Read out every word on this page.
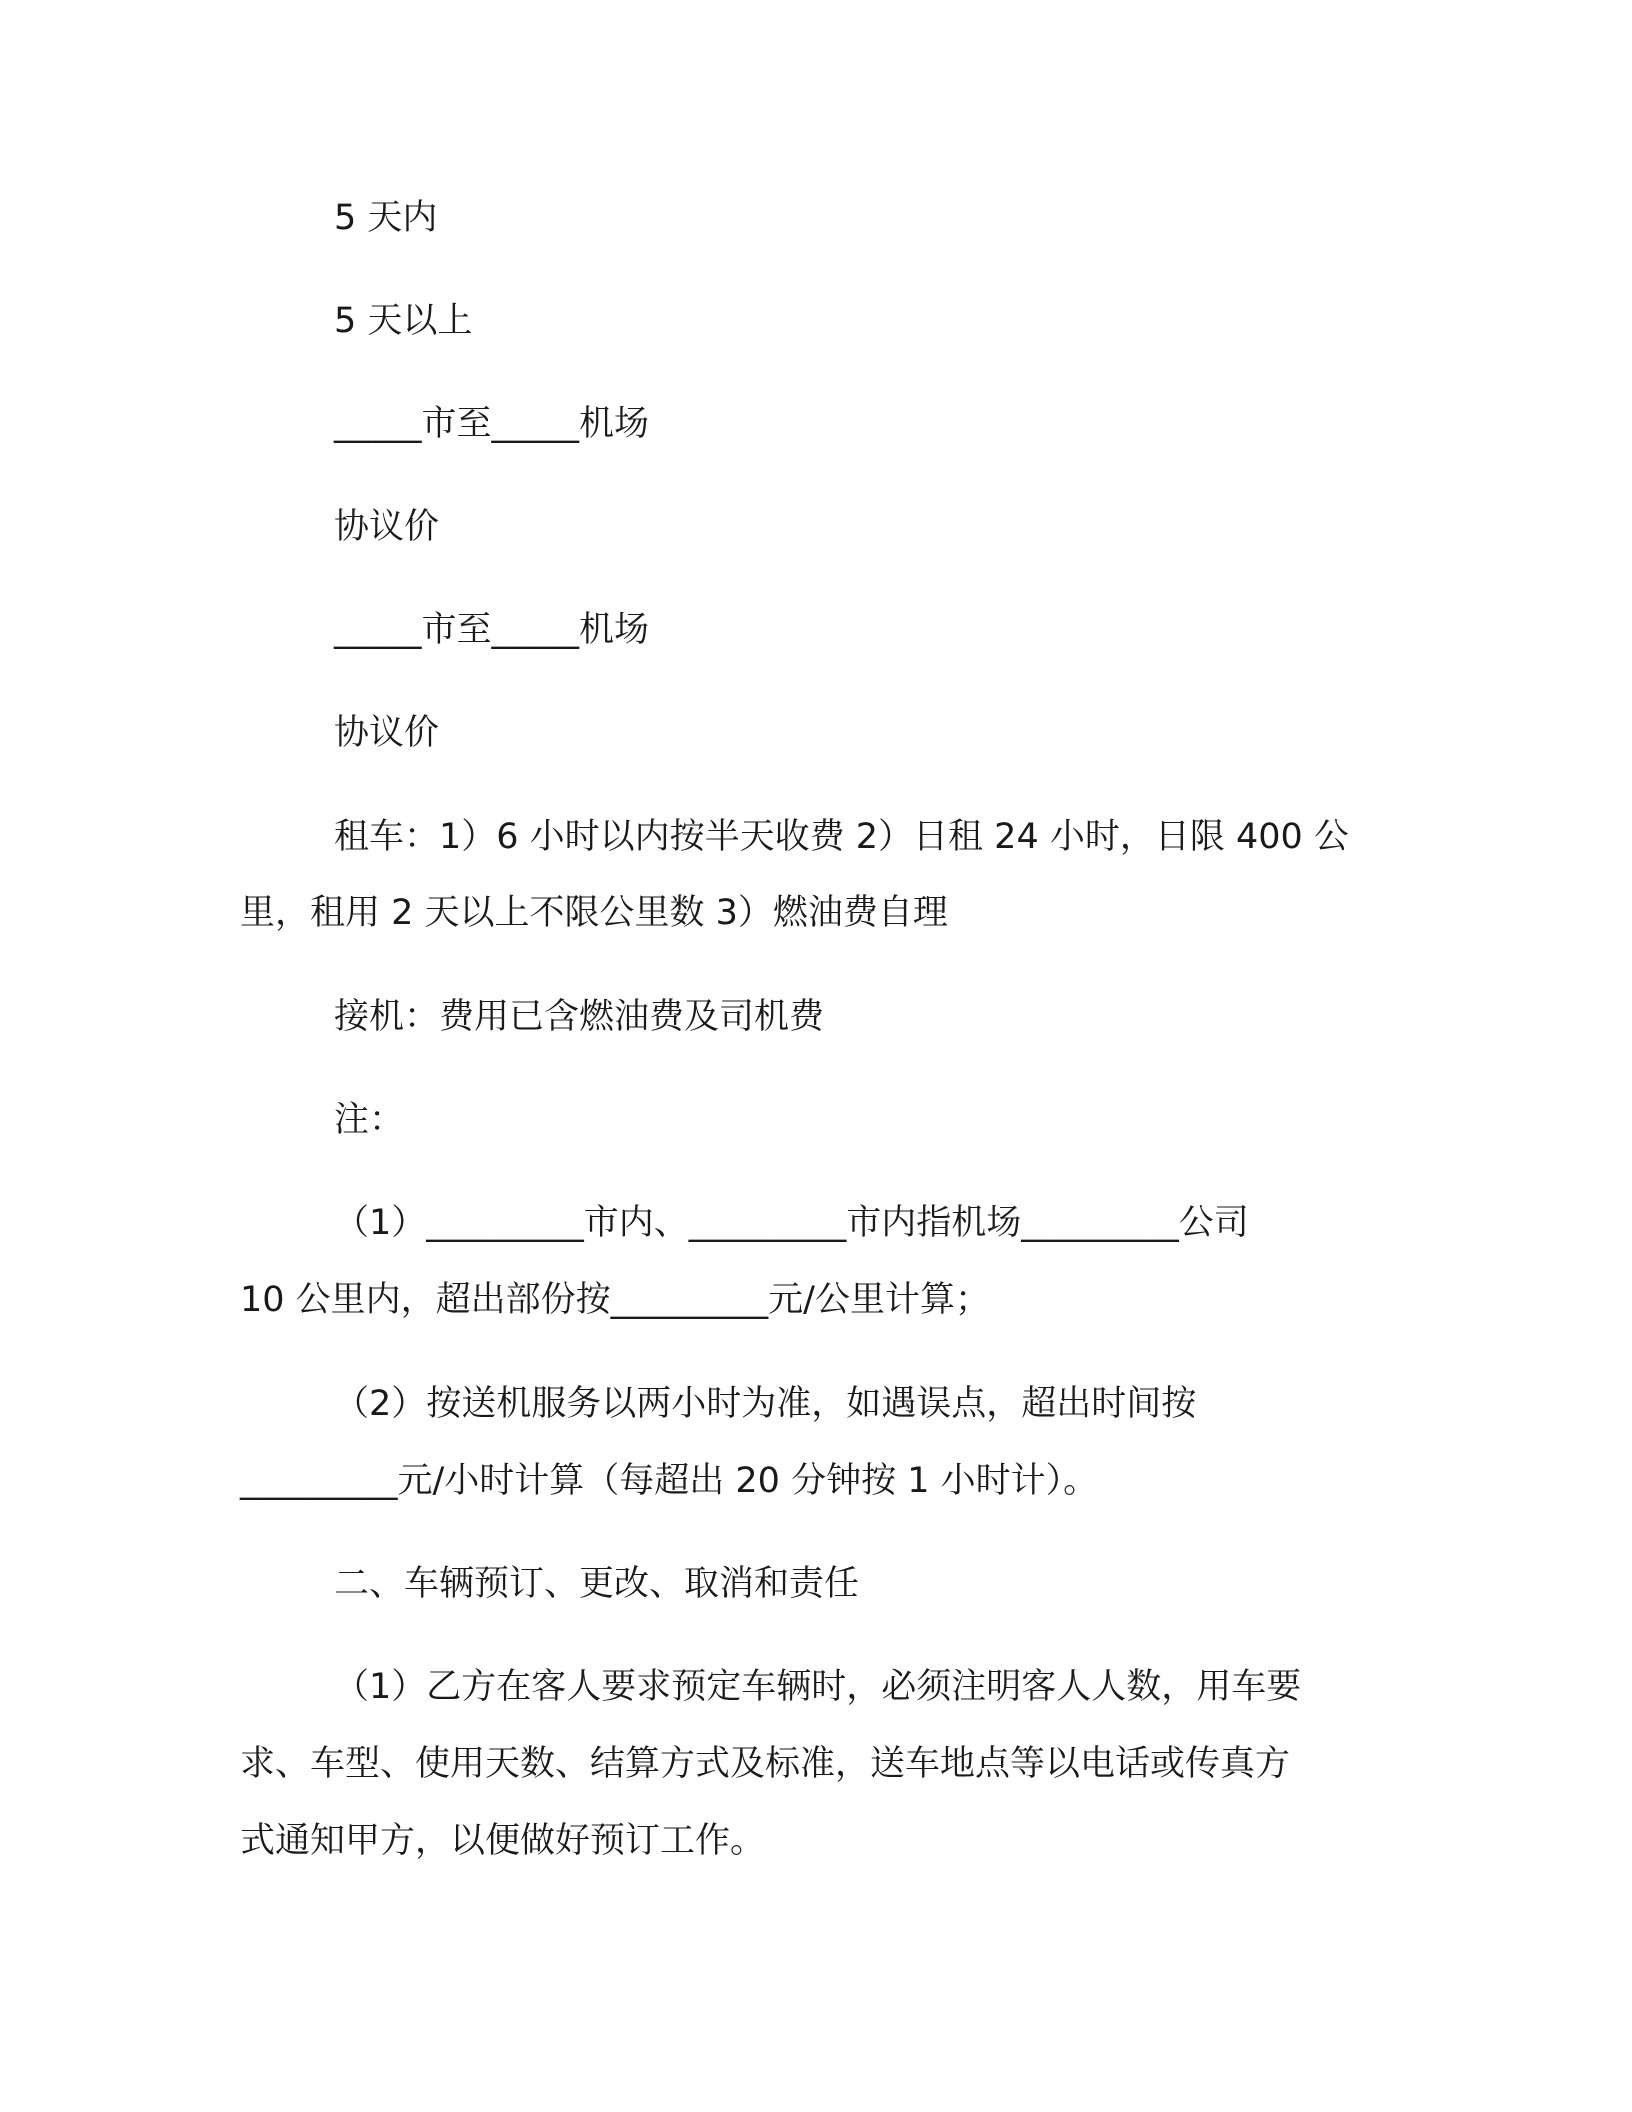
5 天内
5 天以上
_____市至_____机场
协议价
_____市至_____机场
协议价
租车：1）6 小时以内按半天收费 2）日租 24 小时，日限 400 公
里，租用 2 天以上不限公里数 3）燃油费自理
接机：费用已含燃油费及司机费
注：
（1）_________市内、_________市内指机场_________公司
10 公里内，超出部份按_________元/公里计算；
（2）按送机服务以两小时为准，如遇误点，超出时间按
_________元/小时计算（每超出 20 分钟按 1 小时计）。
二、车辆预订、更改、取消和责任
（1）乙方在客人要求预定车辆时，必须注明客人人数，用车要
求、车型、使用天数、结算方式及标准，送车地点等以电话或传真方
式通知甲方，以便做好预订工作。
